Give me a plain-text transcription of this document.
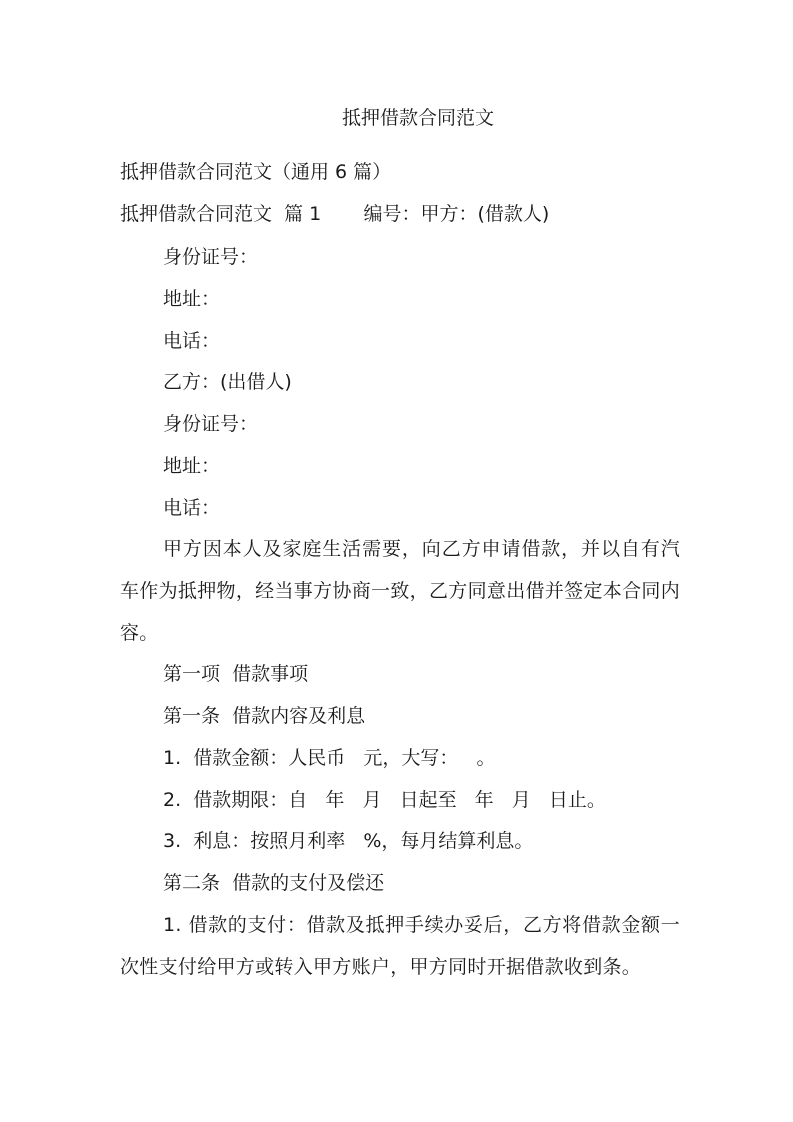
抵押借款合同范文
抵押借款合同范文（通用 6 篇）
抵押借款合同范文  篇 1       编号：甲方：(借款人)
身份证号：
地址：
电话：
乙方：(出借人)
身份证号：
地址：
电话：
甲方因本人及家庭生活需要，向乙方申请借款，并以自有汽车作为抵押物，经当事方协商一致，乙方同意出借并签定本合同内容。
第一项  借款事项
第一条  借款内容及利息
1.  借款金额：人民币   元，大写：   。
2.  借款期限：自   年   月   日起至   年   月   日止。
3.  利息：按照月利率   %，每月结算利息。
第二条  借款的支付及偿还
1. 借款的支付：借款及抵押手续办妥后，乙方将借款金额一次性支付给甲方或转入甲方账户，甲方同时开据借款收到条。
